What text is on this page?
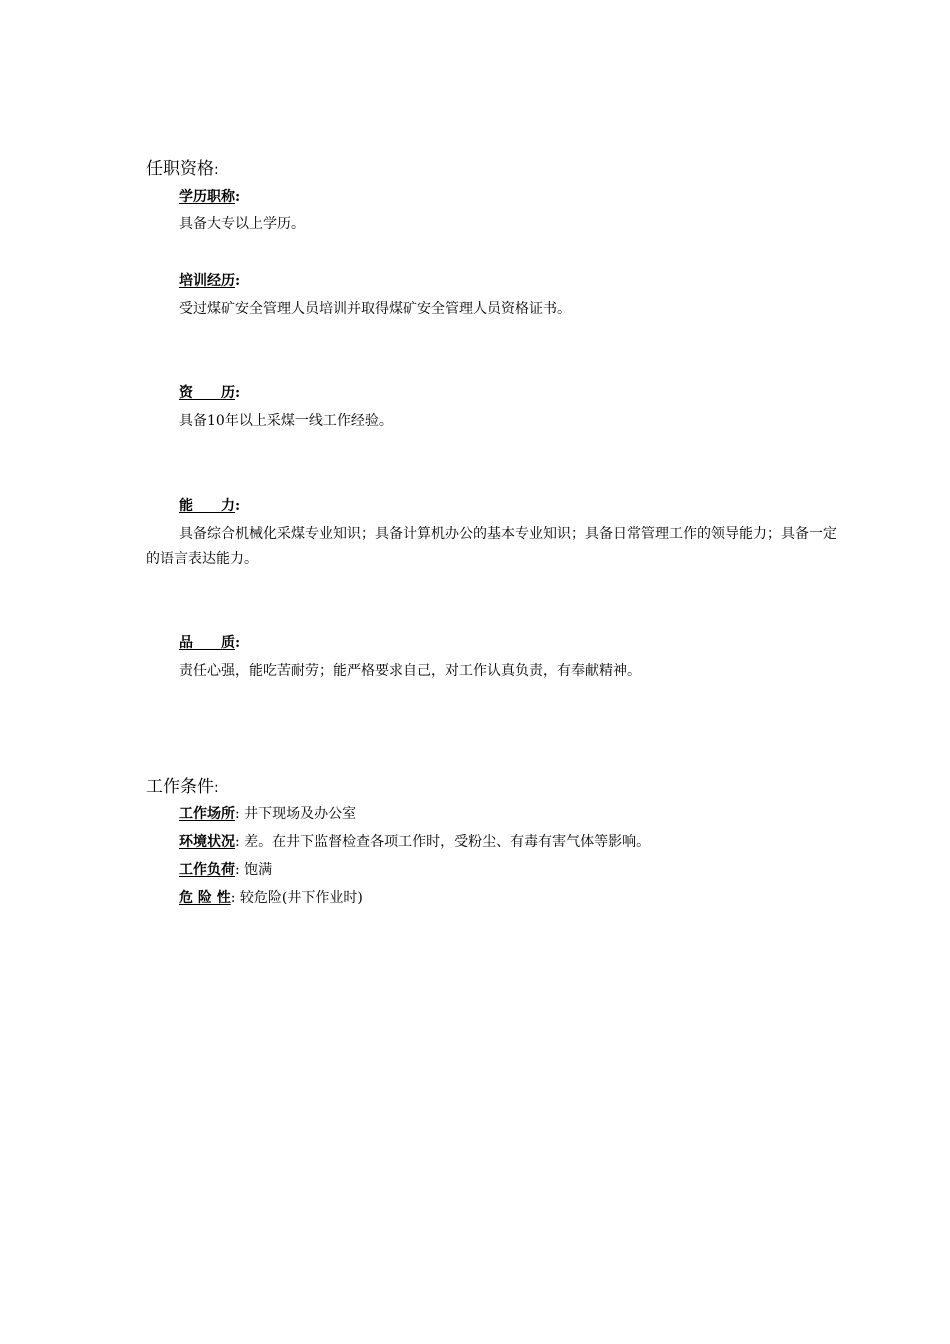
任职资格:
学历职称:
具备大专以上学历。
培训经历:
受过煤矿安全管理人员培训并取得煤矿安全管理人员资格证书。
资　　历:
具备10年以上采煤一线工作经验。
能　　力:
具备综合机械化采煤专业知识；具备计算机办公的基本专业知识；具备日常管理工作的领导能力；具备一定的语言表达能力。
品　　质:
责任心强，能吃苦耐劳；能严格要求自己，对工作认真负责，有奉献精神。
工作条件:
工作场所: 井下现场及办公室
环境状况: 差。在井下监督检查各项工作时，受粉尘、有毒有害气体等影响。
工作负荷: 饱满
危 险 性: 较危险(井下作业时)
